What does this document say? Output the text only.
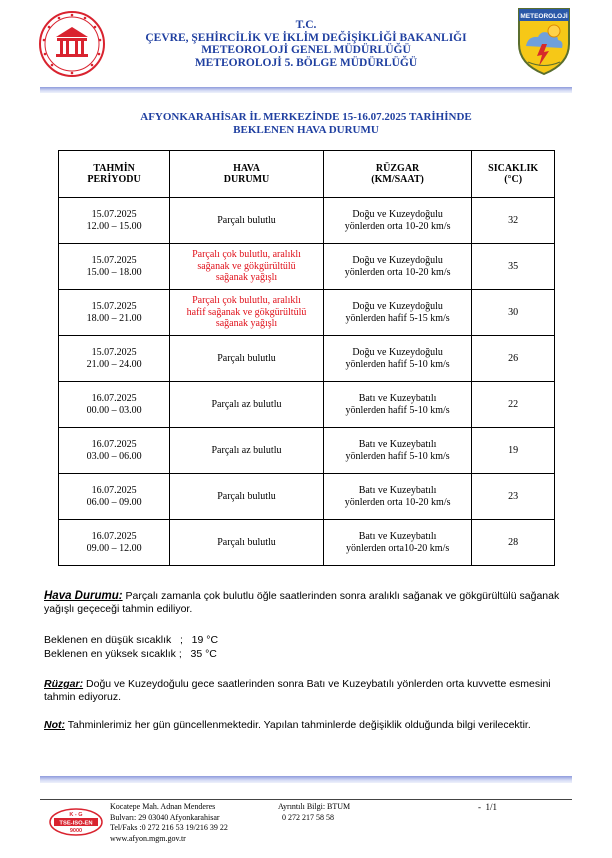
METEOROLOJİ
T.C.
ÇEVRE, ŞEHİRCİLİK VE İKLİM DEĞİŞİKLİĞİ BAKANLIĞI
METEOROLOJİ GENEL MÜDÜRLÜĞÜ
METEOROLOJİ 5. BÖLGE MÜDÜRLÜĞÜ
AFYONKARAHİSAR İL MERKEZİNDE 15-16.07.2025 TARİHİNDE
BEKLENEN HAVA DURUMU
TAHMİN
PERİYODU	HAVA
DURUMU	RÜZGAR
(KM/SAAT)	SICAKLIK
(°C)
15.07.2025
12.00 – 15.00	Parçalı bulutlu	Doğu ve Kuzeydoğulu
yönlerden orta 10-20 km/s	32
15.07.2025
15.00 – 18.00	Parçalı çok bulutlu, aralıklı
sağanak ve gökgürültülü
sağanak yağışlı	Doğu ve Kuzeydoğulu
yönlerden orta 10-20 km/s	35
15.07.2025
18.00 – 21.00	Parçalı çok bulutlu, aralıklı
hafif sağanak ve gökgürültülü
sağanak yağışlı	Doğu ve Kuzeydoğulu
yönlerden hafif 5-15 km/s	30
15.07.2025
21.00 – 24.00	Parçalı bulutlu	Doğu ve Kuzeydoğulu
yönlerden hafif 5-10 km/s	26
16.07.2025
00.00 – 03.00	Parçalı az bulutlu	Batı ve Kuzeybatılı
yönlerden hafif 5-10 km/s	22
16.07.2025
03.00 – 06.00	Parçalı az bulutlu	Batı ve Kuzeybatılı
yönlerden hafif 5-10 km/s	19
16.07.2025
06.00 – 09.00	Parçalı bulutlu	Batı ve Kuzeybatılı
yönlerden orta 10-20 km/s	23
16.07.2025
09.00 – 12.00	Parçalı bulutlu	Batı ve Kuzeybatılı
yönlerden orta10-20 km/s	28
Hava Durumu: Parçalı zamanla çok bulutlu öğle saatlerinden sonra aralıklı sağanak ve gökgürültülü sağanak yağışlı geçeceği tahmin ediliyor.
Beklenen en düşük sıcaklık   ;   19 °C
Beklenen en yüksek sıcaklık ;   35 °C
Rüzgar: Doğu ve Kuzeydoğulu gece saatlerinden sonra Batı ve Kuzeybatılı yönlerden orta kuvvette esmesini tahmin ediyoruz.
Not: Tahminlerimiz her gün güncellenmektedir. Yapılan tahminlerde değişiklik olduğunda bilgi verilecektir.
K - G
TSE-ISO-EN
9000
Kocatepe Mah. Adnan Menderes
Bulvarı: 29 03040 Afyonkarahisar
Tel/Faks :0 272 216 53 19/216 39 22
www.afyon.mgm.gov.tr
Ayrıntılı Bilgi: BTUM
0 272 217 58 58
-  1/1
